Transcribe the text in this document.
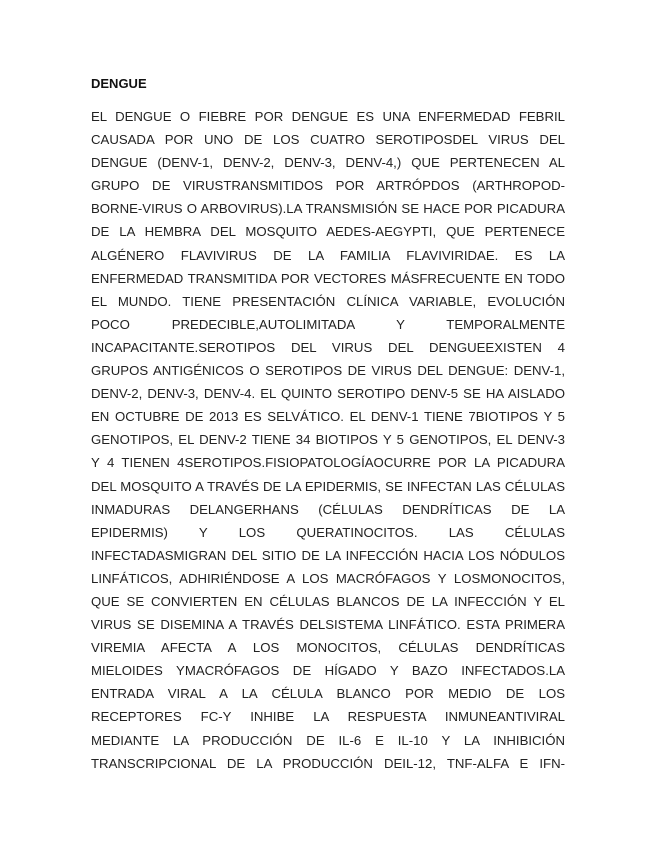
DENGUE
EL DENGUE O FIEBRE POR DENGUE ES UNA ENFERMEDAD FEBRIL
CAUSADA POR UNO DE LOS CUATRO SEROTIPOSDEL VIRUS DEL
DENGUE (DENV-1, DENV-2, DENV-3, DENV-4,) QUE PERTENECEN AL
GRUPO DE VIRUSTRANSMITIDOS POR ARTRÓPDOS (ARTHROPOD-
BORNE-VIRUS O ARBOVIRUS).LA TRANSMISIÓN SE HACE POR PICADURA
DE LA HEMBRA DEL MOSQUITO AEDES-AEGYPTI, QUE PERTENECE
ALGÉNERO FLAVIVIRUS DE LA FAMILIA FLAVIVIRIDAE. ES LA
ENFERMEDAD TRANSMITIDA POR VECTORES MÁSFRECUENTE EN TODO
EL MUNDO. TIENE PRESENTACIÓN CLÍNICA VARIABLE, EVOLUCIÓN
POCO PREDECIBLE,AUTOLIMITADA Y TEMPORALMENTE
INCAPACITANTE.SEROTIPOS DEL VIRUS DEL DENGUEEXISTEN 4
GRUPOS ANTIGÉNICOS O SEROTIPOS DE VIRUS DEL DENGUE: DENV-1,
DENV-2, DENV-3, DENV-4. EL QUINTO SEROTIPO DENV-5 SE HA AISLADO
EN OCTUBRE DE 2013 ES SELVÁTICO. EL DENV-1 TIENE 7BIOTIPOS Y 5
GENOTIPOS, EL DENV-2 TIENE 34 BIOTIPOS Y 5 GENOTIPOS, EL DENV-3
Y 4 TIENEN 4SEROTIPOS.FISIOPATOLOGÍAOCURRE POR LA PICADURA
DEL MOSQUITO A TRAVÉS DE LA EPIDERMIS, SE INFECTAN LAS CÉLULAS
INMADURAS DELANGERHANS (CÉLULAS DENDRÍTICAS DE LA
EPIDERMIS) Y LOS QUERATINOCITOS. LAS CÉLULAS
INFECTADASMIGRAN DEL SITIO DE LA INFECCIÓN HACIA LOS NÓDULOS
LINFÁTICOS, ADHIRIÉNDOSE A LOS MACRÓFAGOS Y LOSMONOCITOS,
QUE SE CONVIERTEN EN CÉLULAS BLANCOS DE LA INFECCIÓN Y EL
VIRUS SE DISEMINA A TRAVÉS DELSISTEMA LINFÁTICO. ESTA PRIMERA
VIREMIA AFECTA A LOS MONOCITOS, CÉLULAS DENDRÍTICAS
MIELOIDES YMACRÓFAGOS DE HÍGADO Y BAZO INFECTADOS.LA
ENTRADA VIRAL A LA CÉLULA BLANCO POR MEDIO DE LOS
RECEPTORES FC-Y INHIBE LA RESPUESTA INMUNEANTIVIRAL
MEDIANTE LA PRODUCCIÓN DE IL-6 E IL-10 Y LA INHIBICIÓN
TRANSCRIPCIONAL DE LA PRODUCCIÓN DEIL-12, TNF-ALFA E IFN-
